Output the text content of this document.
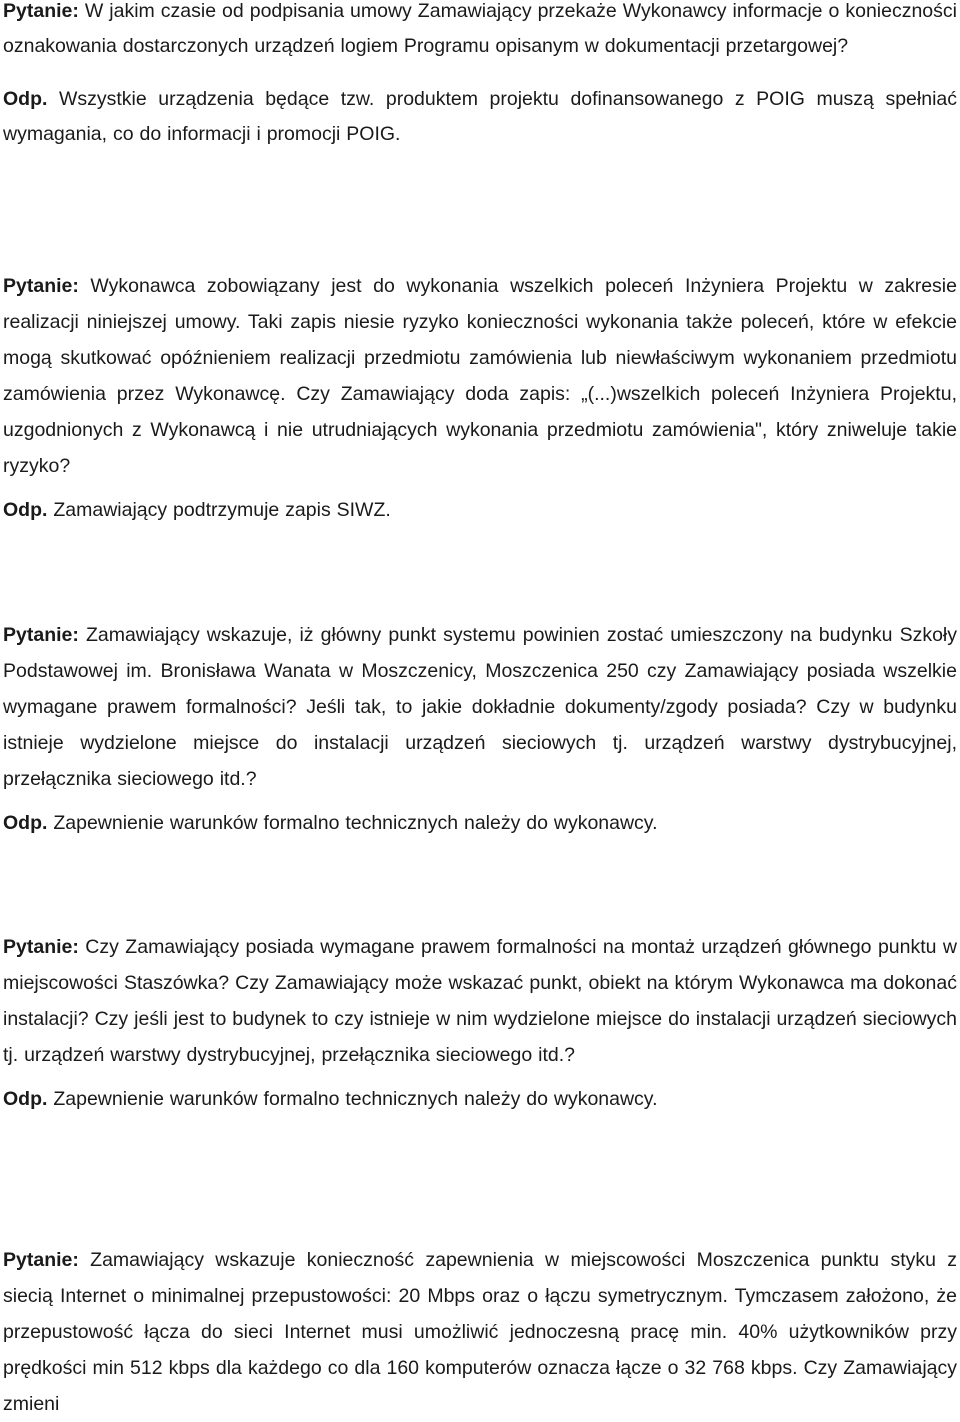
Pytanie: W jakim czasie od podpisania umowy Zamawiający przekaże Wykonawcy informacje o konieczności oznakowania dostarczonych urządzeń logiem Programu opisanym w dokumentacji przetargowej?

Odp. Wszystkie urządzenia będące tzw. produktem projektu dofinansowanego z POIG muszą spełniać wymagania, co do informacji i promocji POIG.

Pytanie: Wykonawca zobowiązany jest do wykonania wszelkich poleceń Inżyniera Projektu w zakresie realizacji niniejszej umowy. Taki zapis niesie ryzyko konieczności wykonania także poleceń, które w efekcie mogą skutkować opóźnieniem realizacji przedmiotu zamówienia lub niewłaściwym wykonaniem przedmiotu zamówienia przez Wykonawcę. Czy Zamawiający doda zapis: „(...)wszelkich poleceń Inżyniera Projektu, uzgodnionych z Wykonawcą i nie utrudniających wykonania przedmiotu zamówienia", który zniweluje takie ryzyko?

Odp. Zamawiający podtrzymuje zapis SIWZ.

Pytanie: Zamawiający wskazuje, iż główny punkt systemu powinien zostać umieszczony na budynku Szkoły Podstawowej im. Bronisława Wanata w Moszczenicy, Moszczenica 250 czy Zamawiający posiada wszelkie wymagane prawem formalności? Jeśli tak, to jakie dokładnie dokumenty/zgody posiada? Czy w budynku istnieje wydzielone miejsce do instalacji urządzeń sieciowych tj. urządzeń warstwy dystrybucyjnej, przełącznika sieciowego itd.?

Odp. Zapewnienie warunków formalno technicznych należy do wykonawcy.

Pytanie: Czy Zamawiający posiada wymagane prawem formalności na montaż urządzeń głównego punktu w miejscowości Staszówka? Czy Zamawiający może wskazać punkt, obiekt na którym Wykonawca ma dokonać instalacji? Czy jeśli jest to budynek to czy istnieje w nim wydzielone miejsce do instalacji urządzeń sieciowych tj. urządzeń warstwy dystrybucyjnej, przełącznika sieciowego itd.?

Odp. Zapewnienie warunków formalno technicznych należy do wykonawcy.

Pytanie: Zamawiający wskazuje konieczność zapewnienia w miejscowości Moszczenica punktu styku z siecią Internet o minimalnej przepustowości: 20 Mbps oraz o łączu symetrycznym. Tymczasem założono, że przepustowość łącza do sieci Internet musi umożliwić jednoczesną pracę min. 40% użytkowników przy prędkości min 512 kbps dla każdego co dla 160 komputerów oznacza łącze o 32 768 kbps. Czy Zamawiający zmieni
